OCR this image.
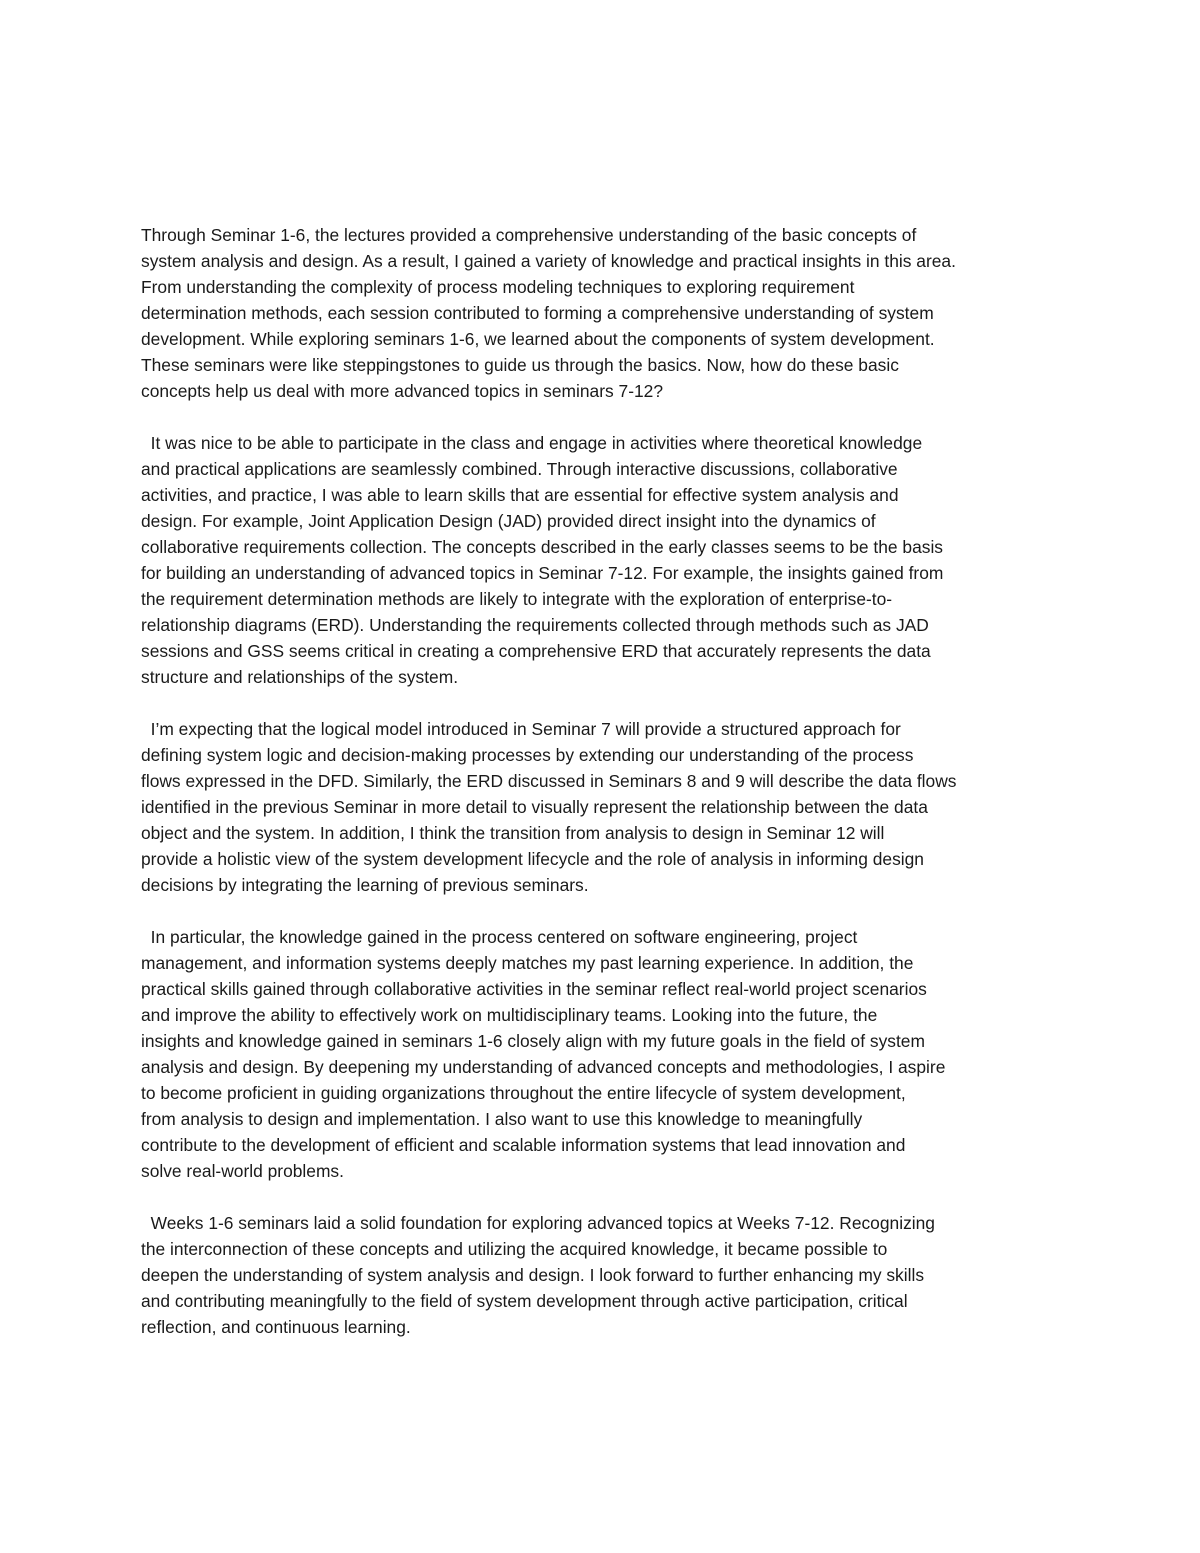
Through Seminar 1-6, the lectures provided a comprehensive understanding of the basic concepts of
system analysis and design. As a result, I gained a variety of knowledge and practical insights in this area.
From understanding the complexity of process modeling techniques to exploring requirement
determination methods, each session contributed to forming a comprehensive understanding of system
development. While exploring seminars 1-6, we learned about the components of system development.
These seminars were like steppingstones to guide us through the basics. Now, how do these basic
concepts help us deal with more advanced topics in seminars 7-12?

It was nice to be able to participate in the class and engage in activities where theoretical knowledge
and practical applications are seamlessly combined. Through interactive discussions, collaborative
activities, and practice, I was able to learn skills that are essential for effective system analysis and
design. For example, Joint Application Design (JAD) provided direct insight into the dynamics of
collaborative requirements collection. The concepts described in the early classes seems to be the basis
for building an understanding of advanced topics in Seminar 7-12. For example, the insights gained from
the requirement determination methods are likely to integrate with the exploration of enterprise-to-
relationship diagrams (ERD). Understanding the requirements collected through methods such as JAD
sessions and GSS seems critical in creating a comprehensive ERD that accurately represents the data
structure and relationships of the system.

I’m expecting that the logical model introduced in Seminar 7 will provide a structured approach for
defining system logic and decision-making processes by extending our understanding of the process
flows expressed in the DFD. Similarly, the ERD discussed in Seminars 8 and 9 will describe the data flows
identified in the previous Seminar in more detail to visually represent the relationship between the data
object and the system. In addition, I think the transition from analysis to design in Seminar 12 will
provide a holistic view of the system development lifecycle and the role of analysis in informing design
decisions by integrating the learning of previous seminars.

In particular, the knowledge gained in the process centered on software engineering, project
management, and information systems deeply matches my past learning experience. In addition, the
practical skills gained through collaborative activities in the seminar reflect real-world project scenarios
and improve the ability to effectively work on multidisciplinary teams. Looking into the future, the
insights and knowledge gained in seminars 1-6 closely align with my future goals in the field of system
analysis and design. By deepening my understanding of advanced concepts and methodologies, I aspire
to become proficient in guiding organizations throughout the entire lifecycle of system development,
from analysis to design and implementation. I also want to use this knowledge to meaningfully
contribute to the development of efficient and scalable information systems that lead innovation and
solve real-world problems.

Weeks 1-6 seminars laid a solid foundation for exploring advanced topics at Weeks 7-12. Recognizing
the interconnection of these concepts and utilizing the acquired knowledge, it became possible to
deepen the understanding of system analysis and design. I look forward to further enhancing my skills
and contributing meaningfully to the field of system development through active participation, critical
reflection, and continuous learning.
